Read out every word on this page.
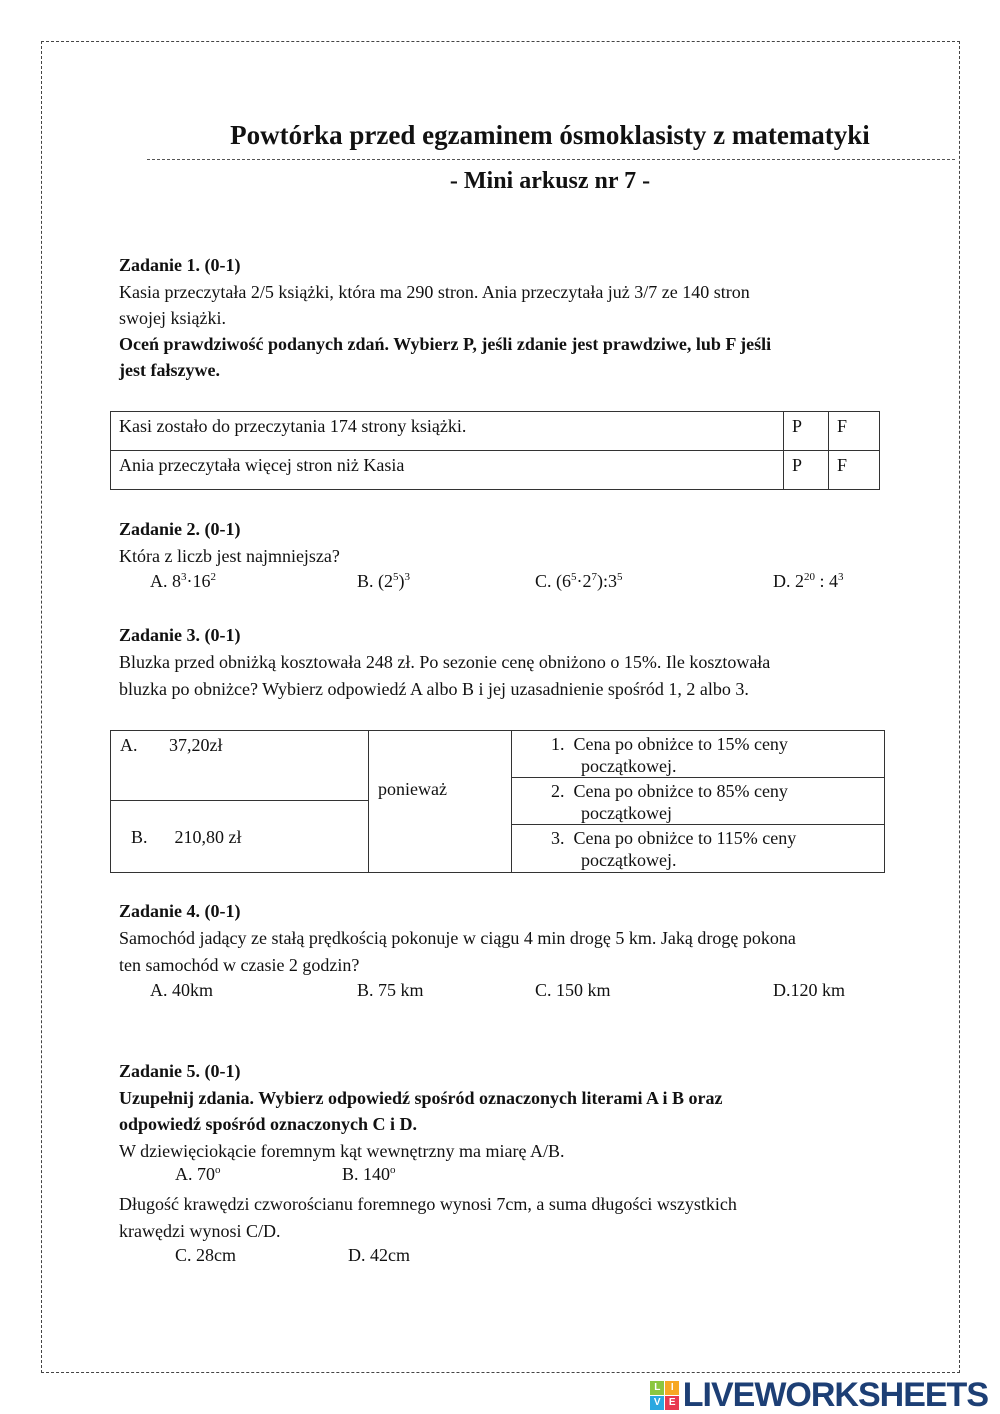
Powtórka przed egzaminem ósmoklasisty z matematyki
- Mini arkusz nr 7 -
Zadanie 1. (0-1)
Kasia przeczytała 2/5 książki, która ma 290 stron. Ania przeczytała już 3/7 ze 140 stron
swojej książki.
Oceń prawdziwość podanych zdań. Wybierz P, jeśli zdanie jest prawdziwe, lub F jeśli
jest fałszywe.
Kasi zostało do przeczytania 174 strony książki.	P	F
Ania przeczytała więcej stron niż Kasia	P	F
Zadanie 2. (0-1)
Która z liczb jest najmniejsza?
A. $8^3\cdot 16^2$	B. $(2^5)^3$	C. $(6^5\cdot 2^7):3^5$	D. $2^{20}$ : $4^3$
Zadanie 3. (0-1)
Bluzka przed obniżką kosztowała 248 zł. Po sezonie cenę obniżono o 15%. Ile kosztowała
bluzka po obniżce? Wybierz odpowiedź A albo B i jej uzasadnienie spośród 1, 2 albo 3.
A.       37,20zł
B.      210,80 zł
ponieważ
1. Cena po obniżce to 15% ceny
początkowej.
2. Cena po obniżce to 85% ceny
początkowej
3. Cena po obniżce to 115% ceny
początkowej.
Zadanie 4. (0-1)
Samochód jadący ze stałą prędkością pokonuje w ciągu 4 min drogę 5 km. Jaką drogę pokona
ten samochód w czasie 2 godzin?
A. 40km	B. 75 km	C. 150 km	D.120 km
Zadanie 5. (0-1)
Uzupełnij zdania. Wybierz odpowiedź spośród oznaczonych literami A i B oraz
odpowiedź spośród oznaczonych C i D.
W dziewięciokącie foremnym kąt wewnętrzny ma miarę A/B.
A. 70$^o$	B. 140$^o$
Długość krawędzi czworościanu foremnego wynosi 7cm, a suma długości wszystkich
krawędzi wynosi C/D.
C. 28cm	D. 42cm
L	I
V E LIVEWORKSHEETS
